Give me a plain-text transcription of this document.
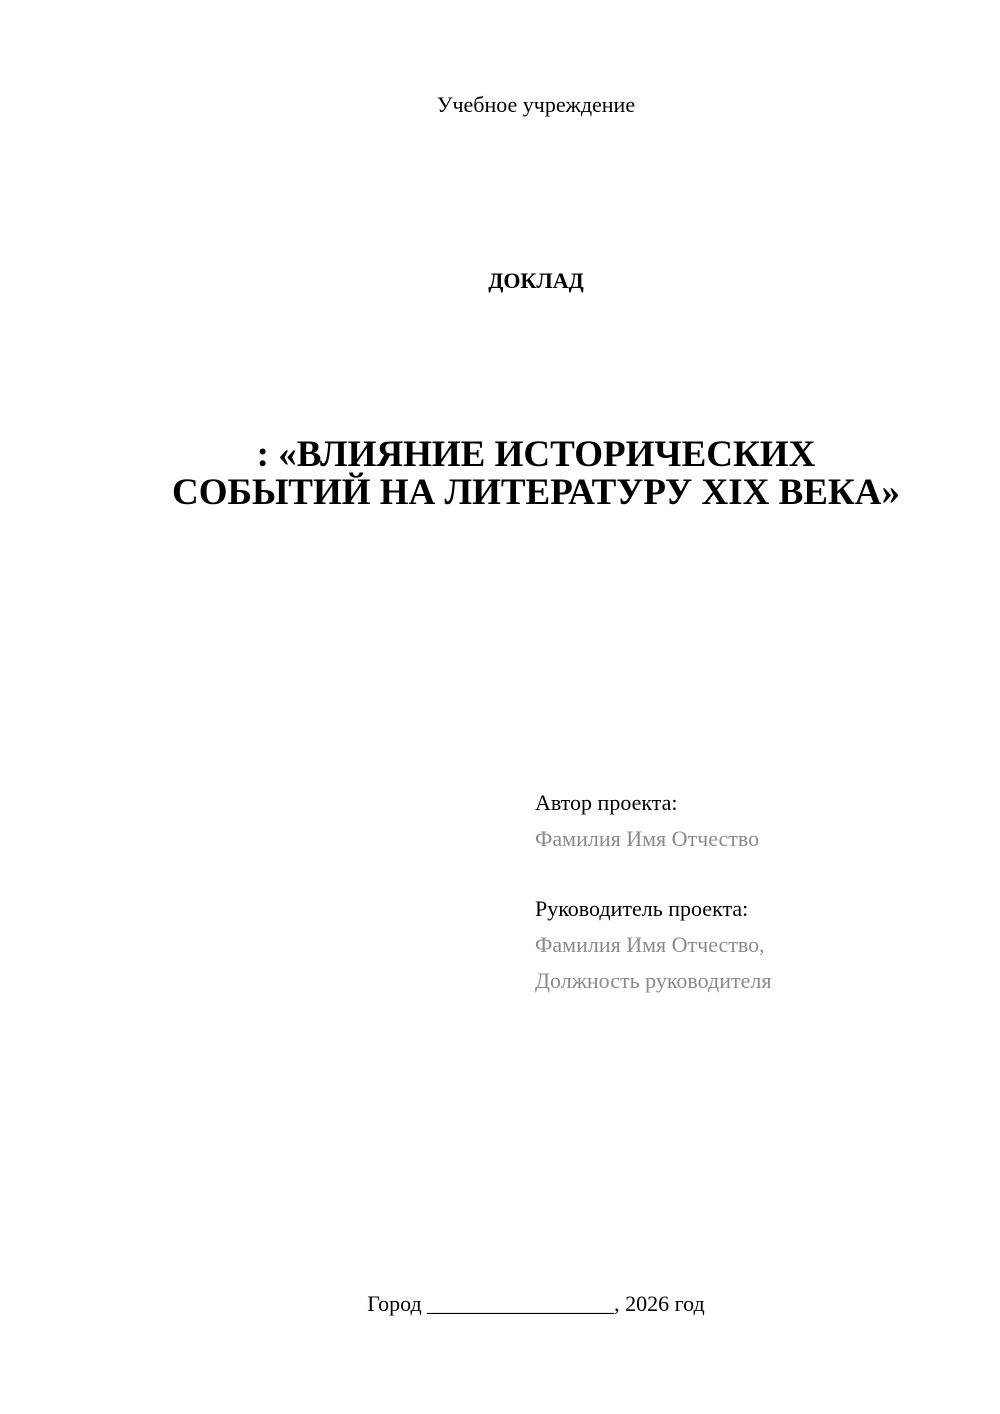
Учебное учреждение
ДОКЛАД
: «ВЛИЯНИЕ ИСТОРИЧЕСКИХ
СОБЫТИЙ НА ЛИТЕРАТУРУ XIX ВЕКА»

Автор проекта:

Фамилия Имя Отчество

Руководитель проекта:

Фамилия Имя Отчество,

Должность руководителя

Город _________________, 2026 год
